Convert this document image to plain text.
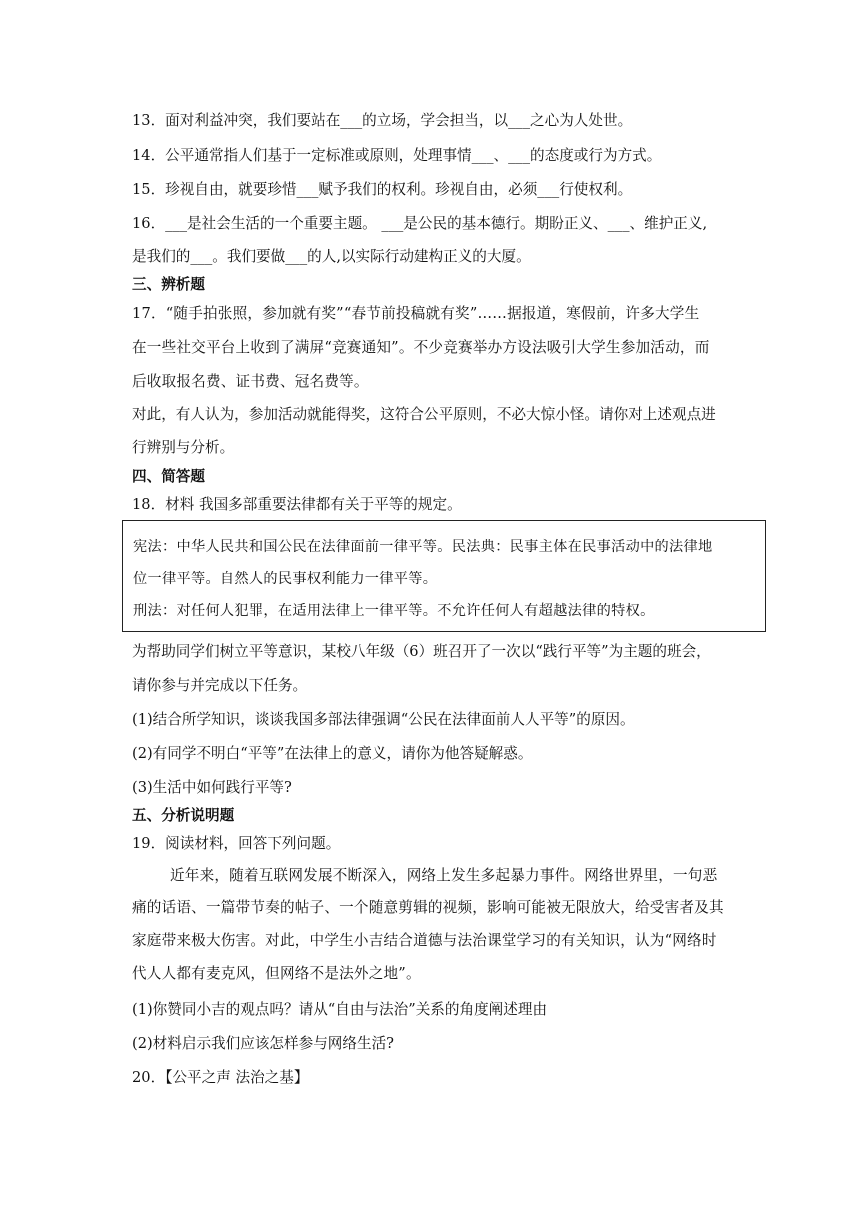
13．面对利益冲突，我们要站在___的立场，学会担当，以___之心为人处世。
14．公平通常指人们基于一定标准或原则，处理事情___、___的态度或行为方式。
15．珍视自由，就要珍惜___赋予我们的权利。珍视自由，必须___行使权利。
16．___是社会生活的一个重要主题。 ___是公民的基本德行。期盼正义、___、维护正义,
是我们的___。我们要做___的人,以实际行动建构正义的大厦。
三、辨析题
17．“随手拍张照，参加就有奖”“春节前投稿就有奖”……据报道，寒假前，许多大学生
在一些社交平台上收到了满屏“竞赛通知”。不少竞赛举办方设法吸引大学生参加活动，而
后收取报名费、证书费、冠名费等。
对此，有人认为，参加活动就能得奖，这符合公平原则，不必大惊小怪。请你对上述观点进
行辨别与分析。
四、简答题
18．材料 我国多部重要法律都有关于平等的规定。
宪法：中华人民共和国公民在法律面前一律平等。民法典：民事主体在民事活动中的法律地
位一律平等。自然人的民事权利能力一律平等。
刑法：对任何人犯罪，在适用法律上一律平等。不允许任何人有超越法律的特权。
为帮助同学们树立平等意识，某校八年级（6）班召开了一次以“践行平等”为主题的班会，
请你参与并完成以下任务。
(1)结合所学知识，谈谈我国多部法律强调“公民在法律面前人人平等”的原因。
(2)有同学不明白“平等”在法律上的意义，请你为他答疑解惑。
(3)生活中如何践行平等?
五、分析说明题
19．阅读材料，回答下列问题。
近年来，随着互联网发展不断深入，网络上发生多起暴力事件。网络世界里，一句恶
痛的话语、一篇带节奏的帖子、一个随意剪辑的视频，影响可能被无限放大，给受害者及其
家庭带来极大伤害。对此，中学生小吉结合道德与法治课堂学习的有关知识，认为“网络时
代人人都有麦克风，但网络不是法外之地”。
(1)你赞同小吉的观点吗？请从“自由与法治”关系的角度阐述理由
(2)材料启示我们应该怎样参与网络生活?
20．【公平之声 法治之基】
